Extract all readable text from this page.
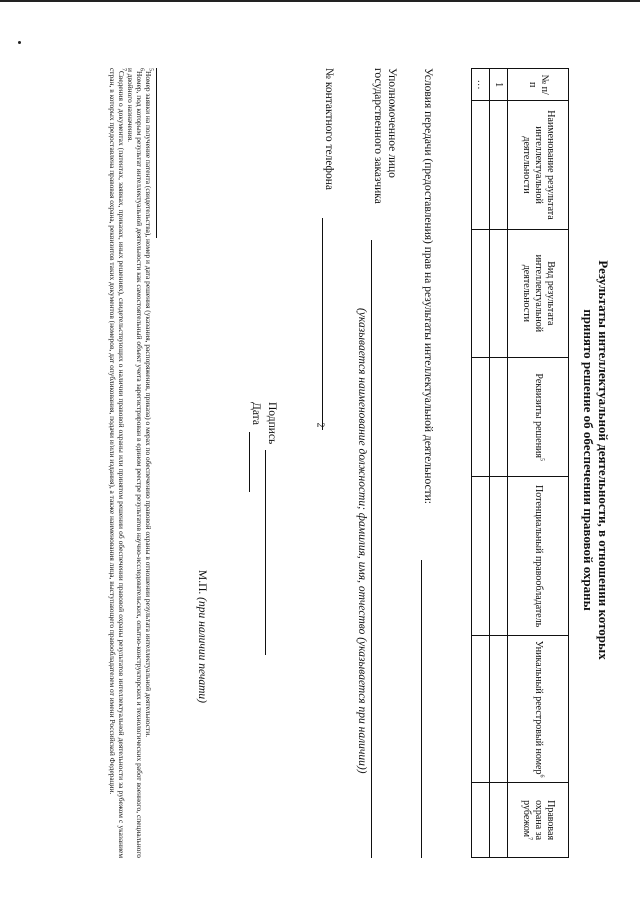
2	Результаты интеллектуальной деятельности, в отношении которых
принято решение об обеспечении правовой охраны
№ п/п	Наименование результата интеллектуальной деятельности	Вид результата интеллектуальной деятельности	Реквизиты решения$^5$	Потенциальный правообладатель	Уникальный реестровый номер$^6$	Правовая охрана за рубежом$^7$
1						
…						
Условия передачи (предоставления) прав на результаты интеллектуальной деятельности:
Уполномоченное лицо
государственного заказчика
(указывается наименование должности; фамилия, имя, отчество (указывается при наличии))
№ контактного телефона
Подпись
Дата
М.П. (при наличии печати)

$^5$Номер заявки на получение патента (свидетельства), номер и дата решения (указания, распоряжения, приказа) о мерах по обеспечению правовой охраны в отношении результата интеллектуальной деятельности.

$^6$Номер, под которым результат интеллектуальной деятельности как самостоятельный объект учета зарегистрирован в едином реестре результатов научно-исследовательских, опытно-конструкторских и технологических работ военного, специального и двойного назначения.

$^7$Сведения о документах (патентах, заявках, приказах, иных решениях), свидетельствующих о наличии правовой охраны или принятом решении об обеспечении правовой охраны результатов интеллектуальной деятельности за рубежом с указанием стран, в которых предоставлена правовая охрана, реквизитов таких документов (номеров, дат опубликования, подачи и/или издания), а также наименования лица, выступающего правообладателем от имени Российской Федерации.
